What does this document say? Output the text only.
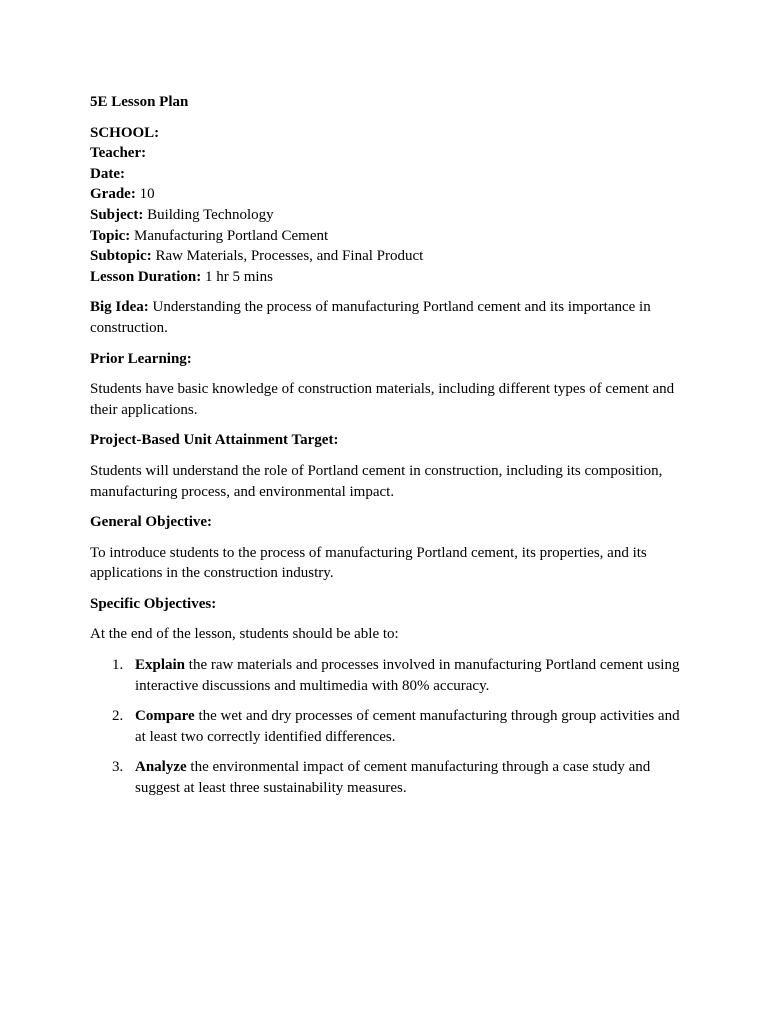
5E Lesson Plan

SCHOOL:

Teacher:

Date:

Grade: 10

Subject: Building Technology

Topic: Manufacturing Portland Cement

Subtopic: Raw Materials, Processes, and Final Product

Lesson Duration: 1 hr 5 mins

Big Idea: Understanding the process of manufacturing Portland cement and its importance in construction.

Prior Learning:

Students have basic knowledge of construction materials, including different types of cement and their applications.

Project-Based Unit Attainment Target:

Students will understand the role of Portland cement in construction, including its composition, manufacturing process, and environmental impact.

General Objective:

To introduce students to the process of manufacturing Portland cement, its properties, and its applications in the construction industry.

Specific Objectives:

At the end of the lesson, students should be able to:

1. Explain the raw materials and processes involved in manufacturing Portland cement using interactive discussions and multimedia with 80% accuracy.
2. Compare the wet and dry processes of cement manufacturing through group activities and at least two correctly identified differences.
3. Analyze the environmental impact of cement manufacturing through a case study and suggest at least three sustainability measures.
